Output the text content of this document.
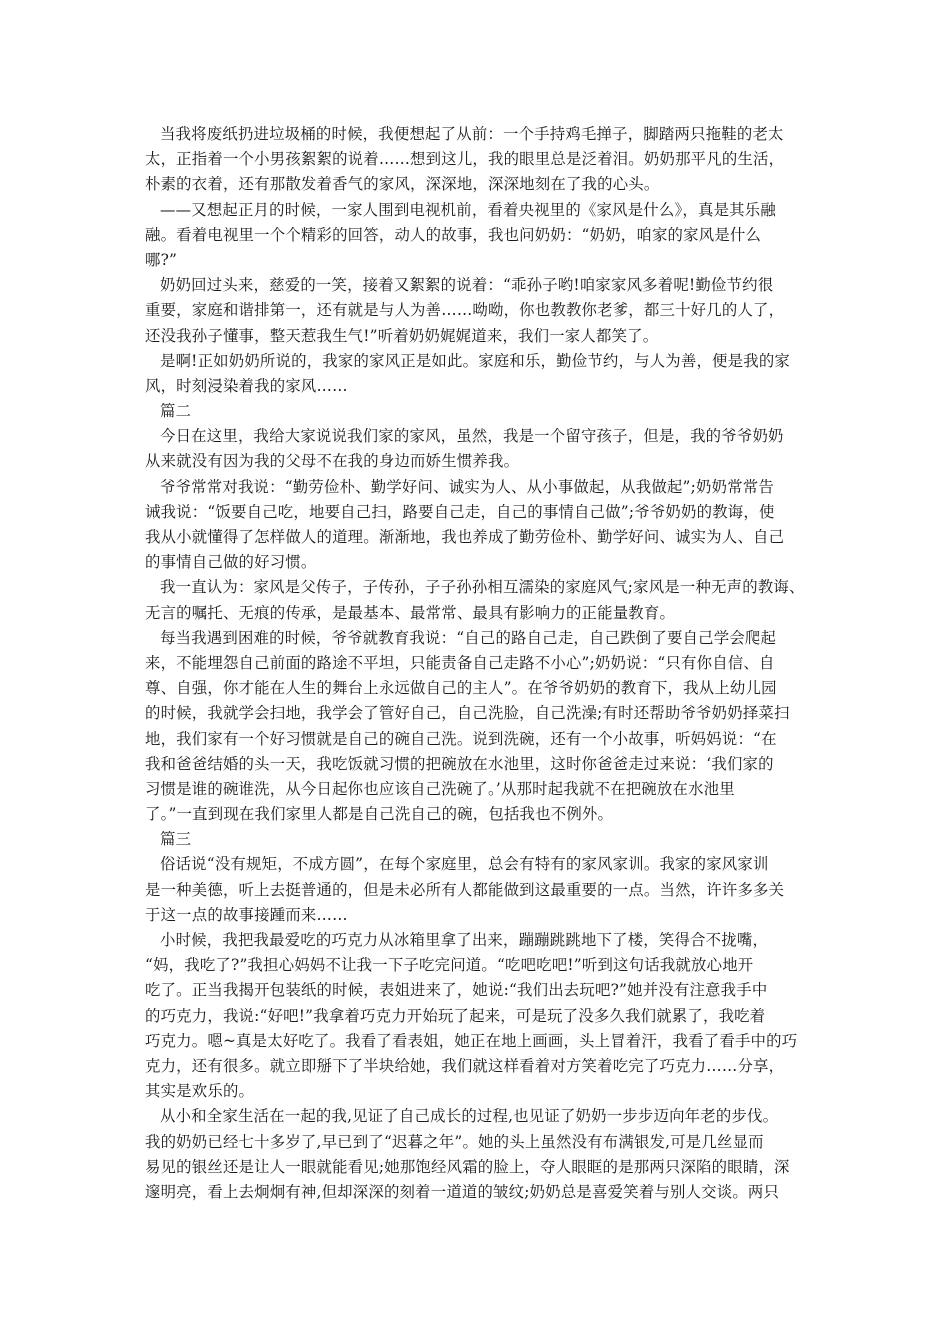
当我将废纸扔进垃圾桶的时候，我便想起了从前：一个手持鸡毛掸子，脚踏两只拖鞋的老太
太，正指着一个小男孩絮絮的说着……想到这儿，我的眼里总是泛着泪。奶奶那平凡的生活，
朴素的衣着，还有那散发着香气的家风，深深地，深深地刻在了我的心头。
——又想起正月的时候，一家人围到电视机前，看着央视里的《家风是什么》，真是其乐融
融。看着电视里一个个精彩的回答，动人的故事，我也问奶奶：“奶奶，咱家的家风是什么
哪?”
奶奶回过头来，慈爱的一笑，接着又絮絮的说着：“乖孙子哟!咱家家风多着呢!勤俭节约很
重要，家庭和谐排第一，还有就是与人为善……呦呦，你也教教你老爹，都三十好几的人了，
还没我孙子懂事，整天惹我生气!”听着奶奶娓娓道来，我们一家人都笑了。
是啊!正如奶奶所说的，我家的家风正是如此。家庭和乐，勤俭节约，与人为善，便是我的家
风，时刻浸染着我的家风……
篇二
今日在这里，我给大家说说我们家的家风，虽然，我是一个留守孩子，但是，我的爷爷奶奶
从来就没有因为我的父母不在我的身边而娇生惯养我。
爷爷常常对我说：“勤劳俭朴、勤学好问、诚实为人、从小事做起，从我做起”;奶奶常常告
诫我说：“饭要自己吃，地要自己扫，路要自己走，自己的事情自己做”;爷爷奶奶的教诲，使
我从小就懂得了怎样做人的道理。渐渐地，我也养成了勤劳俭朴、勤学好问、诚实为人、自己
的事情自己做的好习惯。
我一直认为：家风是父传子，子传孙，子子孙孙相互濡染的家庭风气;家风是一种无声的教诲、
无言的嘱托、无痕的传承，是最基本、最常常、最具有影响力的正能量教育。
每当我遇到困难的时候，爷爷就教育我说：“自己的路自己走，自己跌倒了要自己学会爬起
来，不能埋怨自己前面的路途不平坦，只能责备自己走路不小心”;奶奶说：“只有你自信、自
尊、自强，你才能在人生的舞台上永远做自己的主人”。在爷爷奶奶的教育下，我从上幼儿园
的时候，我就学会扫地，我学会了管好自己，自己洗脸，自己洗澡;有时还帮助爷爷奶奶择菜扫
地，我们家有一个好习惯就是自己的碗自己洗。说到洗碗，还有一个小故事，听妈妈说：“在
我和爸爸结婚的头一天，我吃饭就习惯的把碗放在水池里，这时你爸爸走过来说：‘我们家的
习惯是谁的碗谁洗，从今日起你也应该自己洗碗了。’从那时起我就不在把碗放在水池里
了。”一直到现在我们家里人都是自己洗自己的碗，包括我也不例外。
篇三
俗话说“没有规矩，不成方圆”，在每个家庭里，总会有特有的家风家训。我家的家风家训
是一种美德，听上去挺普通的，但是未必所有人都能做到这最重要的一点。当然，许许多多关
于这一点的故事接踵而来……
小时候，我把我最爱吃的巧克力从冰箱里拿了出来，蹦蹦跳跳地下了楼，笑得合不拢嘴，
“妈，我吃了?”我担心妈妈不让我一下子吃完问道。“吃吧吃吧!”听到这句话我就放心地开
吃了。正当我揭开包装纸的时候，表姐进来了，她说:“我们出去玩吧?”她并没有注意我手中
的巧克力，我说:“好吧!”我拿着巧克力开始玩了起来，可是玩了没多久我们就累了，我吃着
巧克力。嗯~真是太好吃了。我看了看表姐，她正在地上画画，头上冒着汗，我看了看手中的巧
克力，还有很多。就立即掰下了半块给她，我们就这样看着对方笑着吃完了巧克力……分享，
其实是欢乐的。
从小和全家生活在一起的我,见证了自己成长的过程,也见证了奶奶一步步迈向年老的步伐。
我的奶奶已经七十多岁了,早已到了“迟暮之年”。她的头上虽然没有布满银发,可是几丝显而
易见的银丝还是让人一眼就能看见;她那饱经风霜的脸上，夺人眼眶的是那两只深陷的眼睛，深
邃明亮，看上去炯炯有神,但却深深的刻着一道道的皱纹;奶奶总是喜爱笑着与别人交谈。两只
